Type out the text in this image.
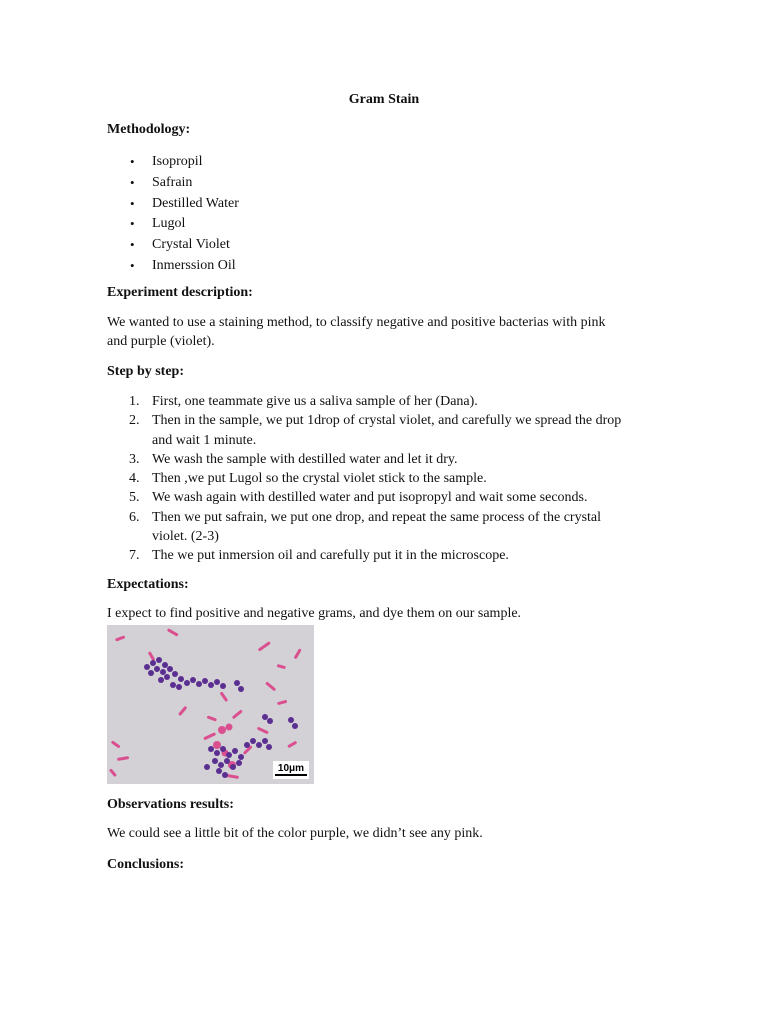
Gram Stain
Methodology:
• Isopropil
• Safrain
• Destilled Water
• Lugol
• Crystal Violet
• Inmerssion Oil
Experiment description:
We wanted to use a staining method, to classify negative and positive bacterias with pink
and purple (violet).
Step by step:
1. First, one teammate give us a saliva sample of her (Dana).
2. Then in the sample, we put 1drop of crystal violet, and carefully we spread the drop
and wait 1 minute.
3. We wash the sample with destilled water and let it dry.
4. Then ,we put Lugol so the crystal violet stick to the sample.
5. We wash again with destilled water and put isopropyl and wait some seconds.
6. Then we put safrain, we put one drop, and repeat the same process of the crystal
violet. (2-3)
7. The we put inmersion oil and carefully put it in the microscope.
Expectations:
I expect to find positive and negative grams, and dye them on our sample.
10μm
Observations results:
We could see a little bit of the color purple, we didn’t see any pink.
Conclusions:
